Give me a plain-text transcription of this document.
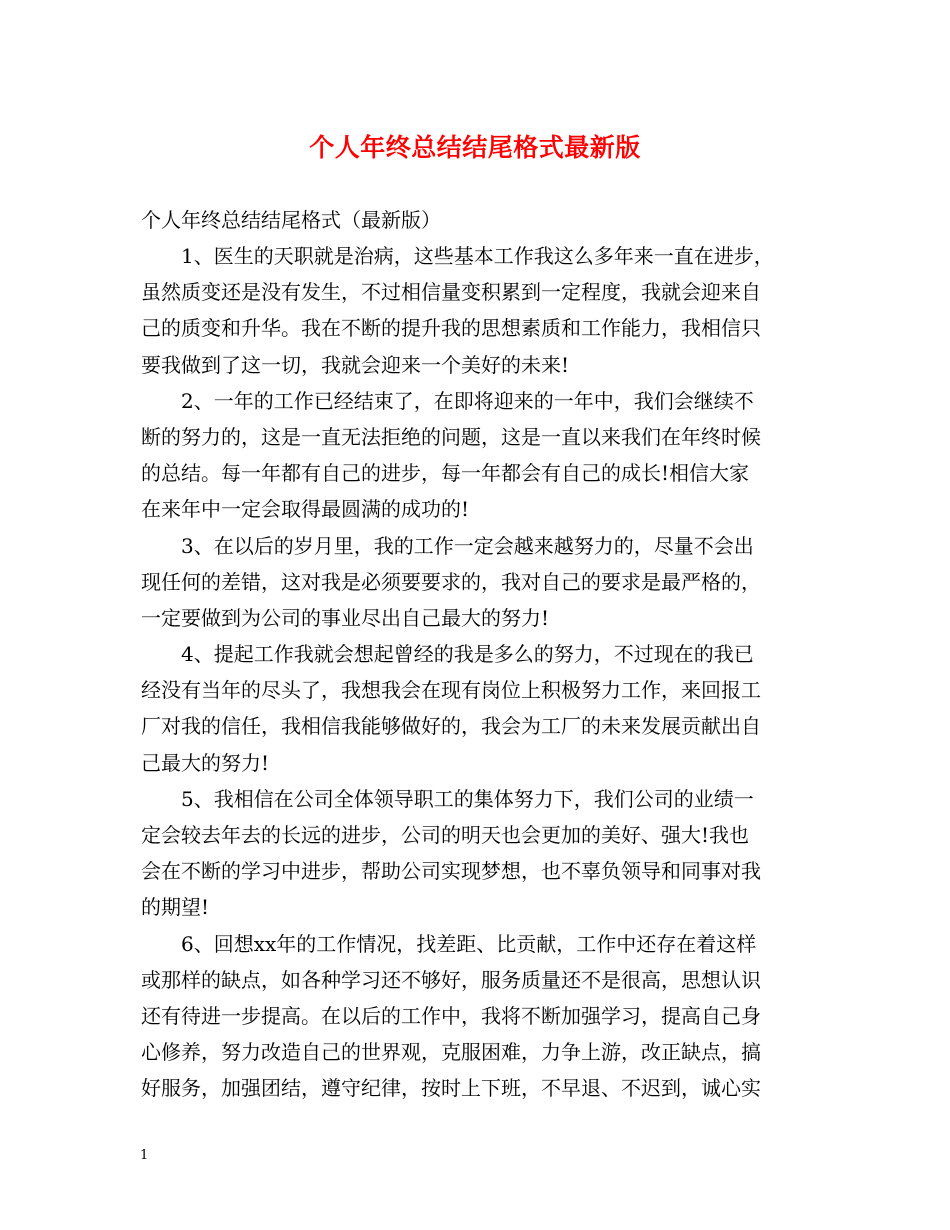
个人年终总结结尾格式最新版
个人年终总结结尾格式（最新版）
1、医生的天职就是治病，这些基本工作我这么多年来一直在进步，
虽然质变还是没有发生，不过相信量变积累到一定程度，我就会迎来自
己的质变和升华。我在不断的提升我的思想素质和工作能力，我相信只
要我做到了这一切，我就会迎来一个美好的未来!
2、一年的工作已经结束了，在即将迎来的一年中，我们会继续不
断的努力的，这是一直无法拒绝的问题，这是一直以来我们在年终时候
的总结。每一年都有自己的进步，每一年都会有自己的成长!相信大家
在来年中一定会取得最圆满的成功的!
3、在以后的岁月里，我的工作一定会越来越努力的，尽量不会出
现任何的差错，这对我是必须要要求的，我对自己的要求是最严格的，
一定要做到为公司的事业尽出自己最大的努力!
4、提起工作我就会想起曾经的我是多么的努力，不过现在的我已
经没有当年的尽头了，我想我会在现有岗位上积极努力工作，来回报工
厂对我的信任，我相信我能够做好的，我会为工厂的未来发展贡献出自
己最大的努力!
5、我相信在公司全体领导职工的集体努力下，我们公司的业绩一
定会较去年去的长远的进步，公司的明天也会更加的美好、强大!我也
会在不断的学习中进步，帮助公司实现梦想，也不辜负领导和同事对我
的期望!
6、回想xx年的工作情况，找差距、比贡献，工作中还存在着这样
或那样的缺点，如各种学习还不够好，服务质量还不是很高，思想认识
还有待进一步提高。在以后的工作中，我将不断加强学习，提高自己身
心修养，努力改造自己的世界观，克服困难，力争上游，改正缺点，搞
好服务，加强团结，遵守纪律，按时上下班，不早退、不迟到，诚心实
1
